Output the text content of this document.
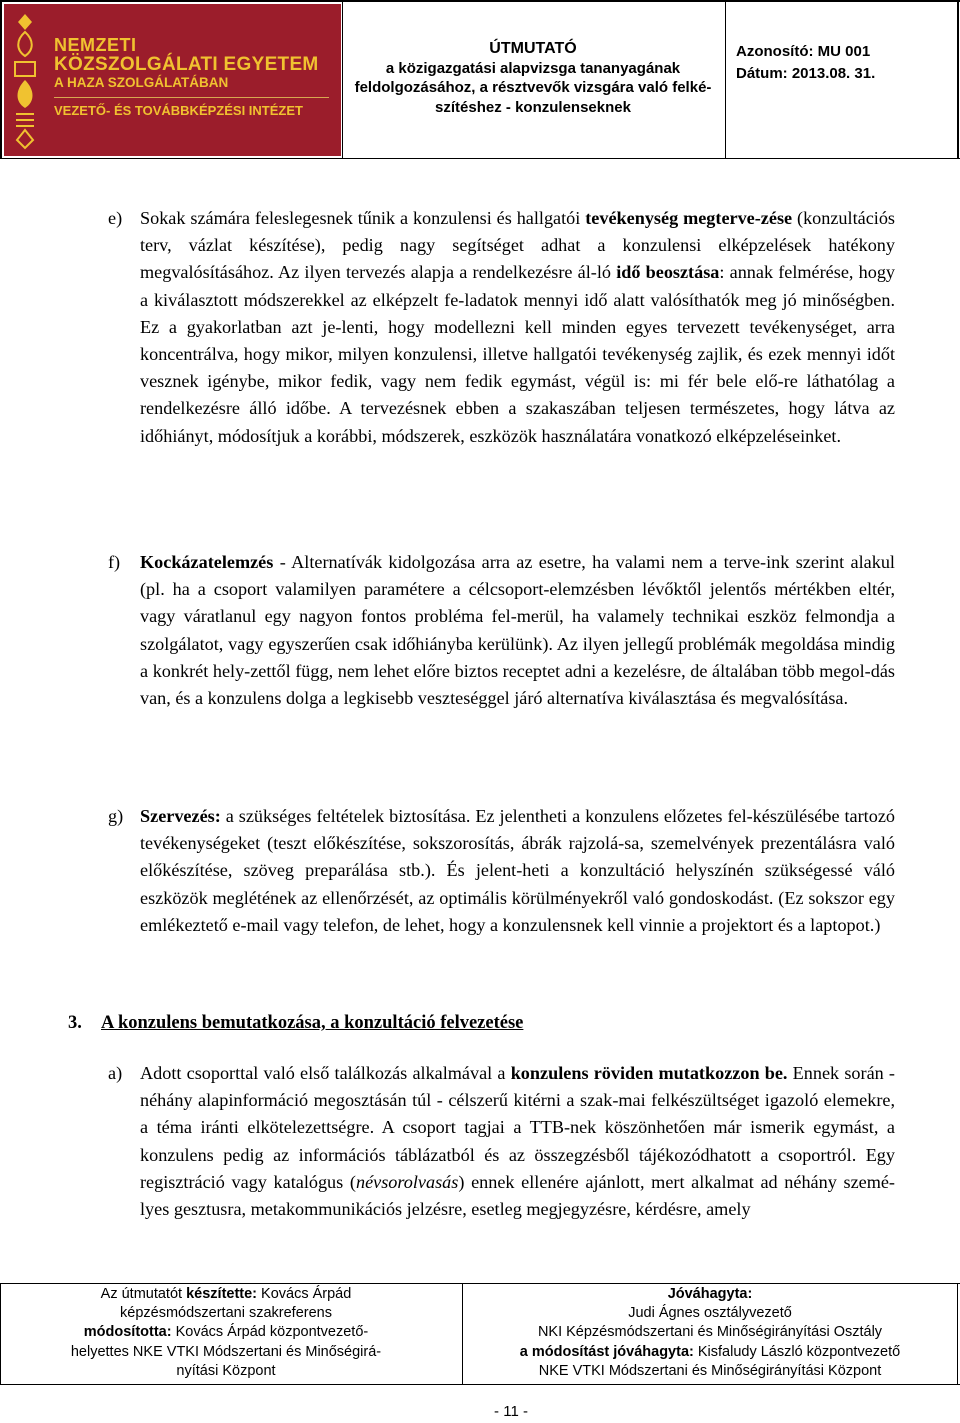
NEMZETI
KÖZSZOLGÁLATI EGYETEM
A HAZA SZOLGÁLATÁBAN
VEZETŐ- ÉS TOVÁBBKÉPZÉSI INTÉZET
ÚTMUTATÓ
a közigazgatási alapvizsga tananyagának
feldolgozásához, a résztvevők vizsgára való felké-
szítéshez - konzulenseknek
Azonosító: MU 001
Dátum: 2013.08. 31.
e) Sokak számára feleslegesnek tűnik a konzulensi és hallgatói tevékenység megterve-zése (konzultációs terv, vázlat készítése), pedig nagy segítséget adhat a konzulensi elképzelések hatékony megvalósításához. Az ilyen tervezés alapja a rendelkezésre ál-ló idő beosztása: annak felmérése, hogy a kiválasztott módszerekkel az elképzelt fe-ladatok mennyi idő alatt valósíthatók meg jó minőségben. Ez a gyakorlatban azt je-lenti, hogy modellezni kell minden egyes tervezett tevékenységet, arra koncentrálva, hogy mikor, milyen konzulensi, illetve hallgatói tevékenység zajlik, és ezek mennyi időt vesznek igénybe, mikor fedik, vagy nem fedik egymást, végül is: mi fér bele elő-re láthatólag a rendelkezésre álló időbe. A tervezésnek ebben a szakaszában teljesen természetes, hogy látva az időhiányt, módosítjuk a korábbi, módszerek, eszközök használatára vonatkozó elképzeléseinket.
f) Kockázatelemzés - Alternatívák kidolgozása arra az esetre, ha valami nem a terve-ink szerint alakul (pl. ha a csoport valamilyen paramétere a célcsoport-elemzésben lévőktől jelentős mértékben eltér, vagy váratlanul egy nagyon fontos probléma fel-merül, ha valamely technikai eszköz felmondja a szolgálatot, vagy egyszerűen csak időhiányba kerülünk). Az ilyen jellegű problémák megoldása mindig a konkrét hely-zettől függ, nem lehet előre biztos receptet adni a kezelésre, de általában több megol-dás van, és a konzulens dolga a legkisebb veszteséggel járó alternatíva kiválasztása és megvalósítása.
g) Szervezés: a szükséges feltételek biztosítása. Ez jelentheti a konzulens előzetes fel-készülésébe tartozó tevékenységeket (teszt előkészítése, sokszorosítás, ábrák rajzolá-sa, szemelvények prezentálásra való előkészítése, szöveg preparálása stb.). És jelent-heti a konzultáció helyszínén szükségessé váló eszközök meglétének az ellenőrzését, az optimális körülményekről való gondoskodást. (Ez sokszor egy emlékeztető e-mail vagy telefon, de lehet, hogy a konzulensnek kell vinnie a projektort és a laptopot.)
3. A konzulens bemutatkozása, a konzultáció felvezetése
a) Adott csoporttal való első találkozás alkalmával a konzulens röviden mutatkozzon be. Ennek során - néhány alapinformáció megosztásán túl - célszerű kitérni a szak-mai felkészültséget igazoló elemekre, a téma iránti elkötelezettségre. A csoport tagjai a TTB-nek köszönhetően már ismerik egymást, a konzulens pedig az információs táblázatból és az összegzésből tájékozódhatott a csoportról. Egy regisztráció vagy katalógus (névsorolvasás) ennek ellenére ajánlott, mert alkalmat ad néhány szemé-lyes gesztusra, metakommunikációs jelzésre, esetleg megjegyzésre, kérdésre, amely
Az útmutatót készítette: Kovács Árpád
képzésmódszertani szakreferens
módosította: Kovács Árpád központvezető-
helyettes NKE VTKI Módszertani és Minőségirá-
nyítási Központ
Jóváhagyta:
Judi Ágnes osztályvezető
NKI Képzésmódszertani és Minőségirányítási Osztály
a módosítást jóváhagyta: Kisfaludy László központvezető
NKE VTKI Módszertani és Minőségirányítási Központ
- 11 -
